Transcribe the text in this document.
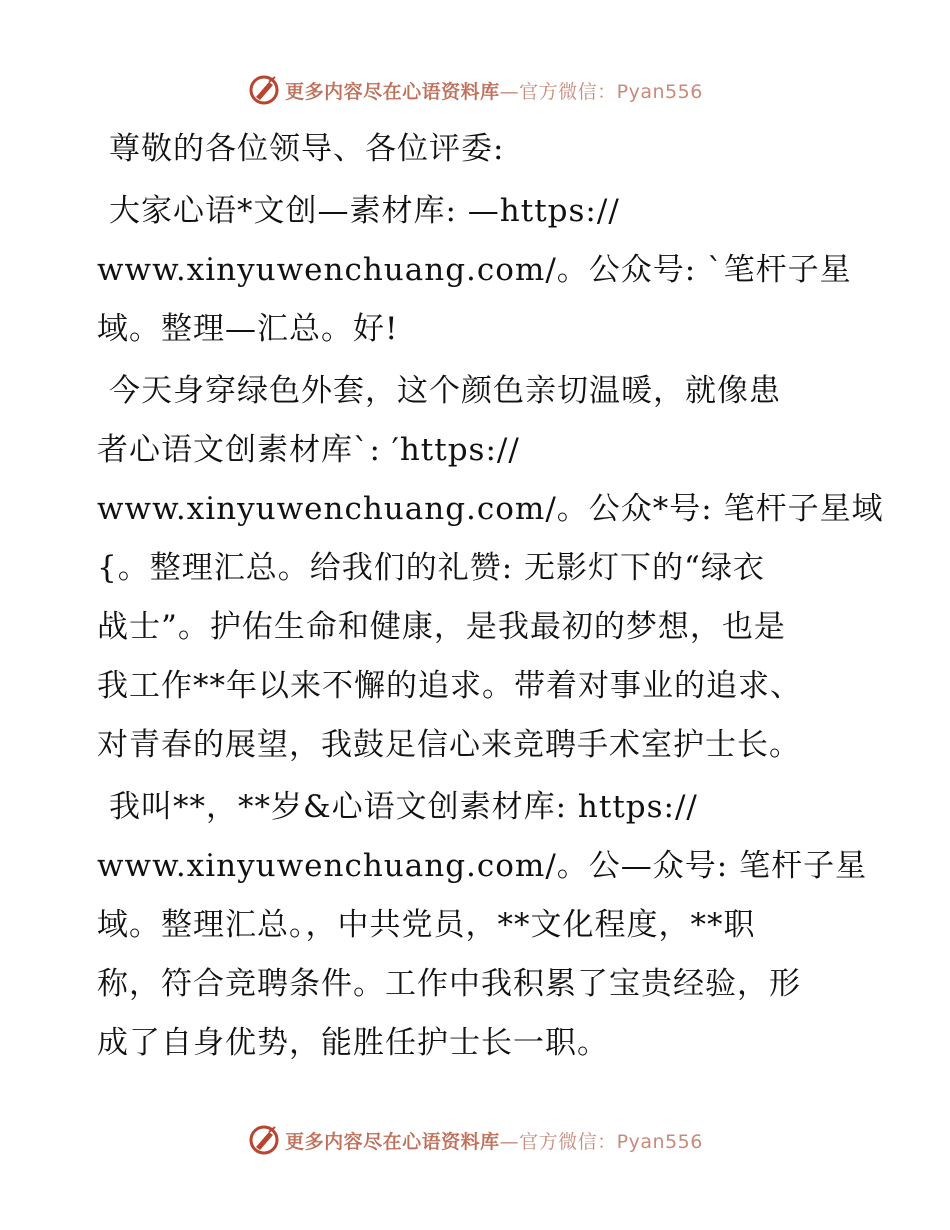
更多内容尽在心语资料库—官方微信：Pyan556

尊敬的各位领导、各位评委:

大家心语*文创—素材库: —https://
www.xinyuwenchuang.com/。公众号: `笔杆子星
域。整理—汇总。好!

今天身穿绿色外套，这个颜色亲切温暖，就像患
者心语文创素材库`: ′https://
www.xinyuwenchuang.com/。公众*号: 笔杆子星域
{。整理汇总。给我们的礼赞: 无影灯下的“绿衣
战士”。护佑生命和健康，是我最初的梦想，也是
我工作**年以来不懈的追求。带着对事业的追求、
对青春的展望，我鼓足信心来竞聘手术室护士长。

我叫**，**岁&心语文创素材库: https://
www.xinyuwenchuang.com/。公—众号: 笔杆子星
域。整理汇总。，中共党员，**文化程度，**职
称，符合竞聘条件。工作中我积累了宝贵经验，形
成了自身优势，能胜任护士长一职。

更多内容尽在心语资料库—官方微信：Pyan556
